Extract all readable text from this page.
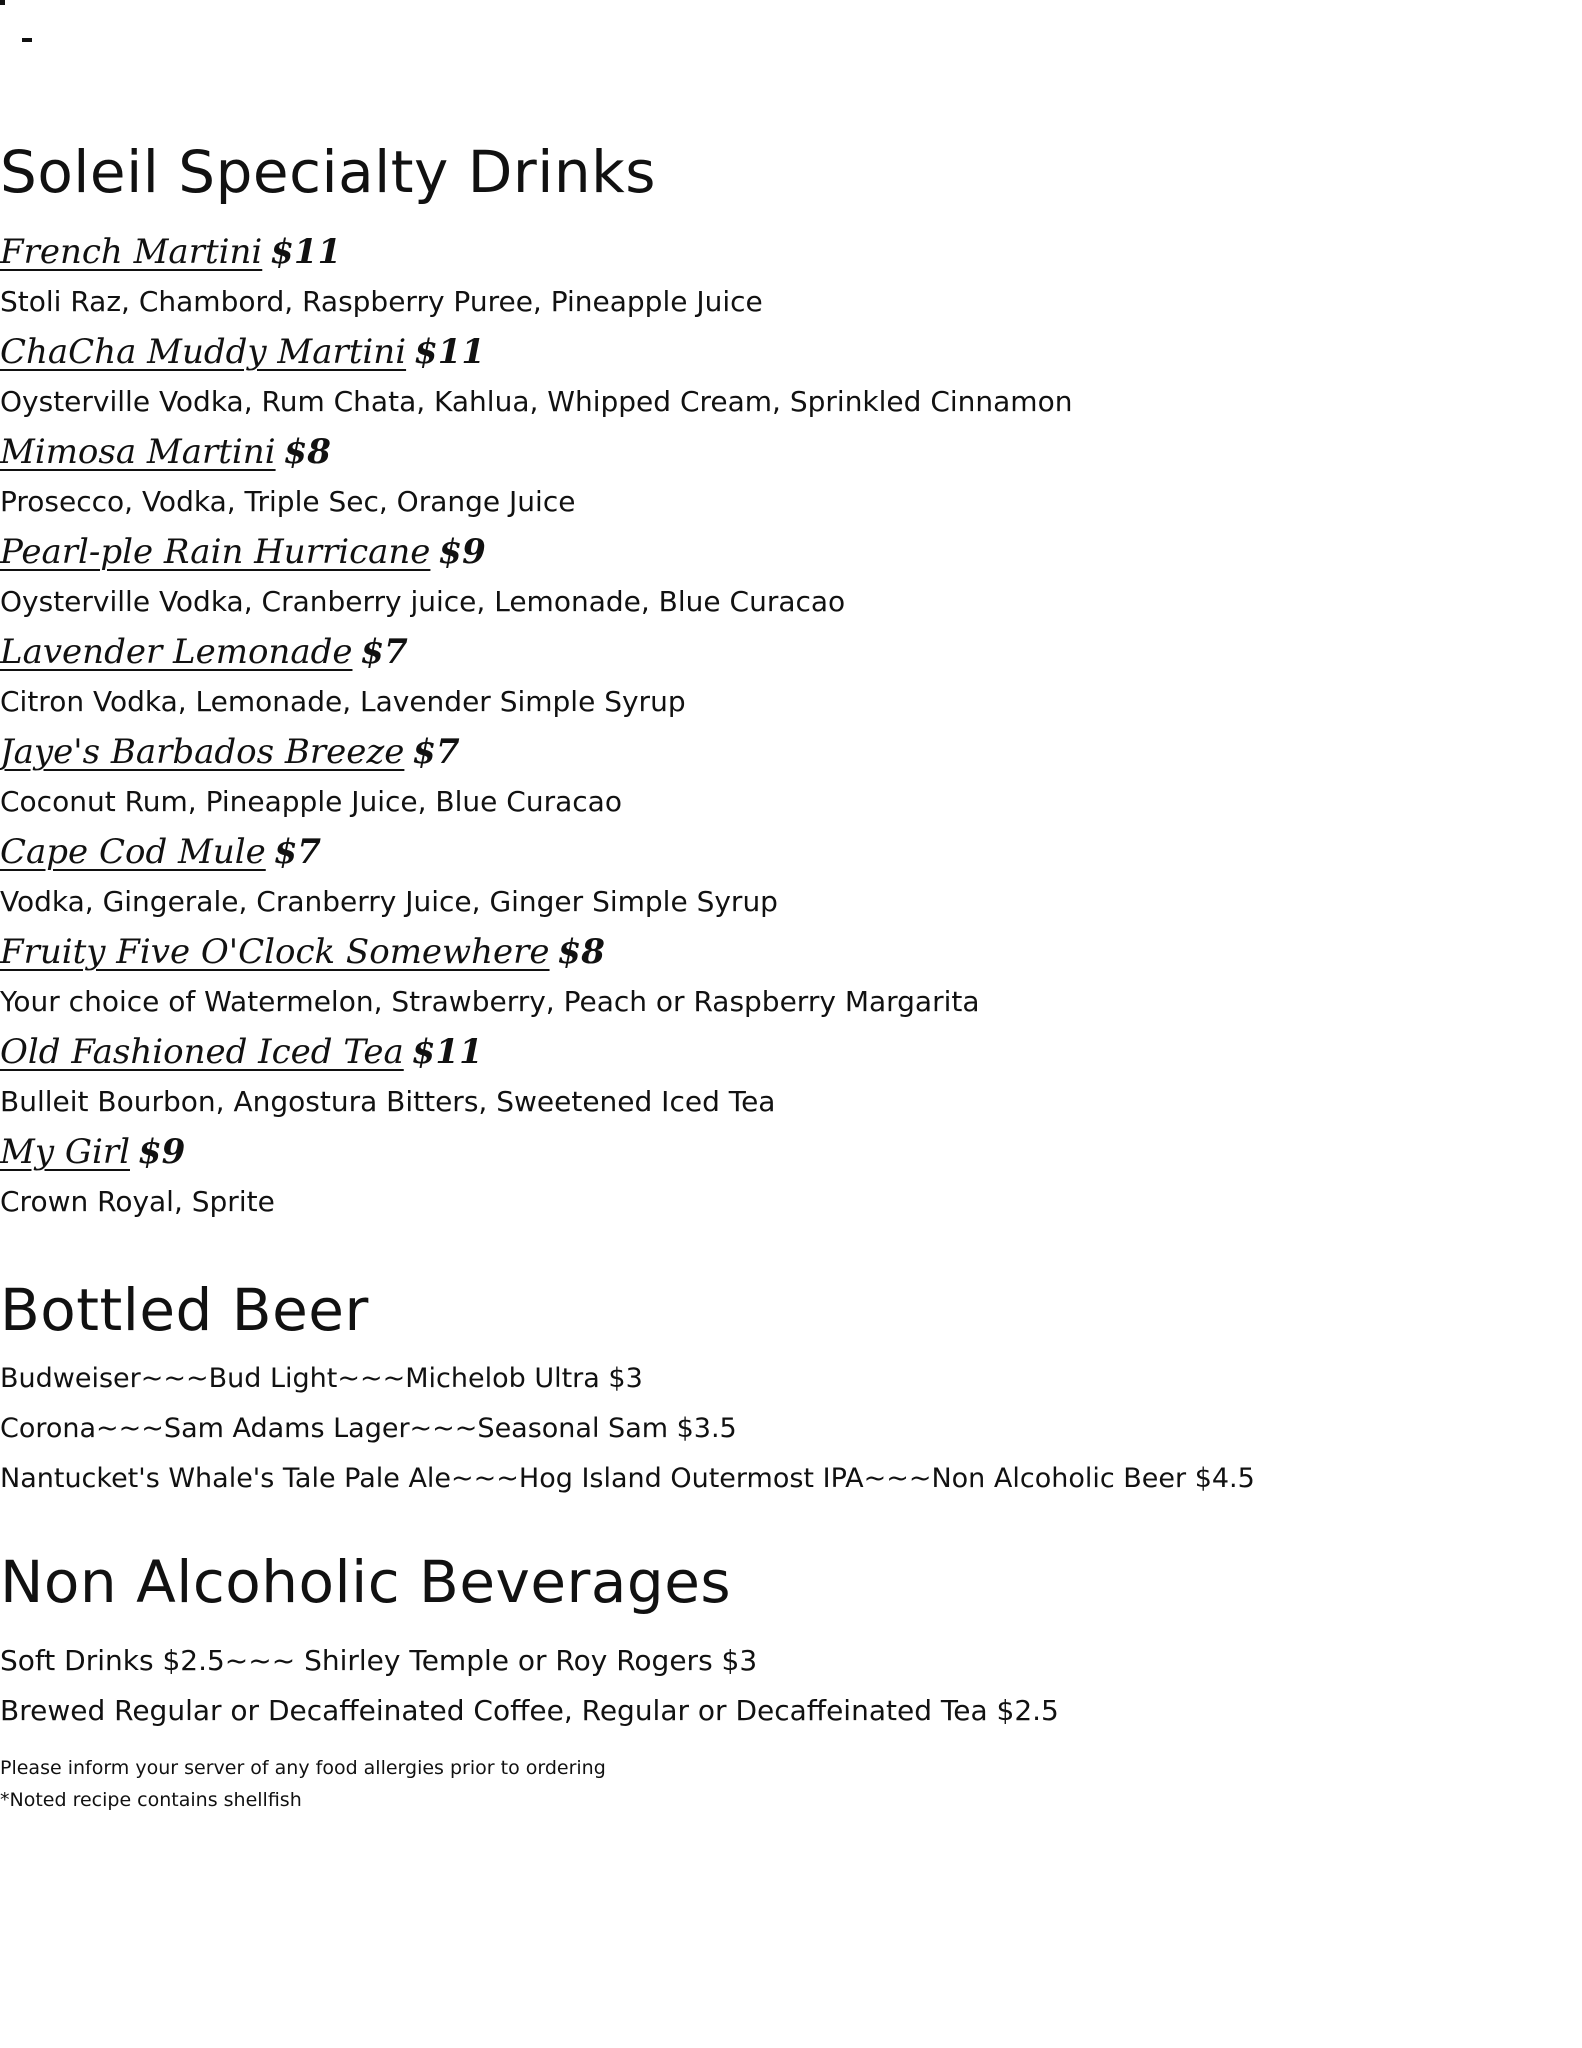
Soleil Specialty Drinks
French Martini $11
Stoli Raz, Chambord, Raspberry Puree, Pineapple Juice
ChaCha Muddy Martini $11
Oysterville Vodka, Rum Chata, Kahlua, Whipped Cream, Sprinkled Cinnamon
Mimosa Martini $8
Prosecco, Vodka, Triple Sec, Orange Juice
Pearl-ple Rain Hurricane $9
Oysterville Vodka, Cranberry juice, Lemonade, Blue Curacao
Lavender Lemonade $7
Citron Vodka, Lemonade, Lavender Simple Syrup
Jaye's Barbados Breeze $7
Coconut Rum, Pineapple Juice, Blue Curacao
Cape Cod Mule $7
Vodka, Gingerale, Cranberry Juice, Ginger Simple Syrup
Fruity Five O'Clock Somewhere $8
Your choice of Watermelon, Strawberry, Peach or Raspberry Margarita
Old Fashioned Iced Tea $11
Bulleit Bourbon, Angostura Bitters, Sweetened Iced Tea
My Girl $9
Crown Royal, Sprite
Bottled Beer
Budweiser~~~Bud Light~~~Michelob Ultra $3
Corona~~~Sam Adams Lager~~~Seasonal Sam $3.5
Nantucket's Whale's Tale Pale Ale~~~Hog Island Outermost IPA~~~Non Alcoholic Beer $4.5
Non Alcoholic Beverages
Soft Drinks $2.5~~~ Shirley Temple or Roy Rogers $3
Brewed Regular or Decaffeinated Coffee, Regular or Decaffeinated Tea $2.5
Please inform your server of any food allergies prior to ordering
*Noted recipe contains shellfish
